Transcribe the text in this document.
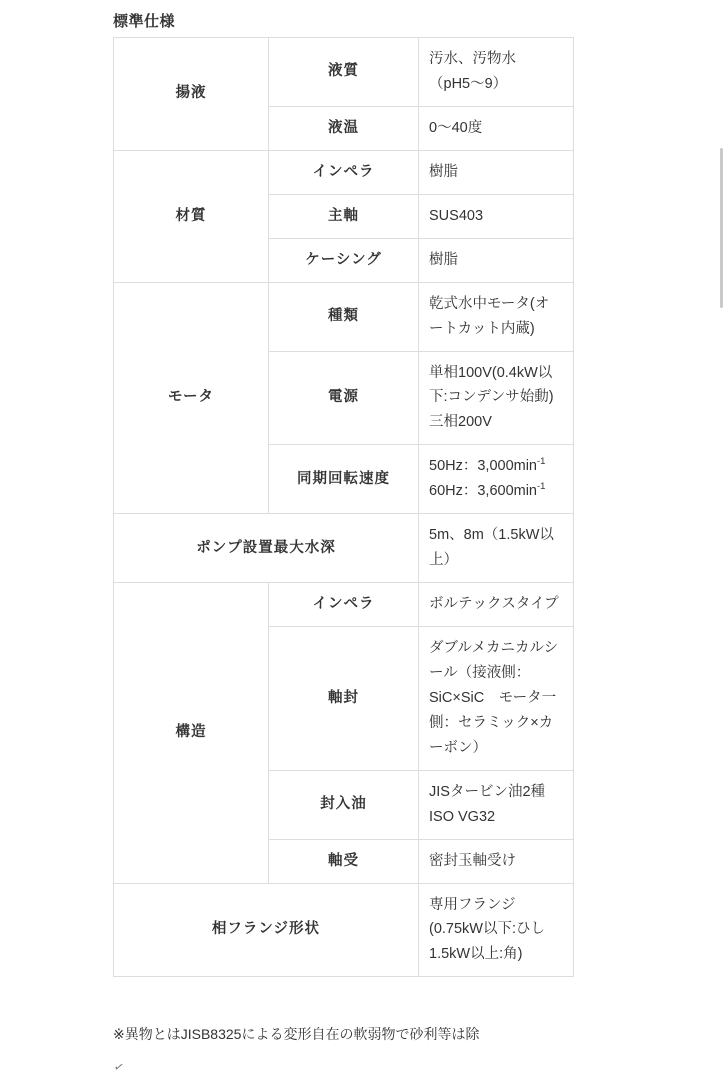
標準仕様
揚液	液質	汚水、汚物水（pH5〜9）
	液温	0〜40度
材質	インペラ	樹脂
	主軸	SUS403
	ケーシング	樹脂
モータ	種類	乾式水中モータ(オートカット内蔵)
	電源	単相100V(0.4kW以下:コンデンサ始動)　三相200V
	同期回転速度	50Hz：$3,000\min^{-1}$　60Hz：$3,600\min^{-1}$
ポンプ設置最大水深		5m、8m（1.5kW以上）
構造	インペラ	ボルテックスタイプ
	軸封	ダブルメカニカルシール（接液側：SiC×SiC　モータ一側：セラミック×カーボン）
	封入油	JISタービン油2種ISO VG32
	軸受	密封玉軸受け
相フランジ形状		専用フランジ(0.75kW以下:ひし 1.5kW以上:角)
※異物とはJISB8325による変形自在の軟弱物で砂利等は除
✓
